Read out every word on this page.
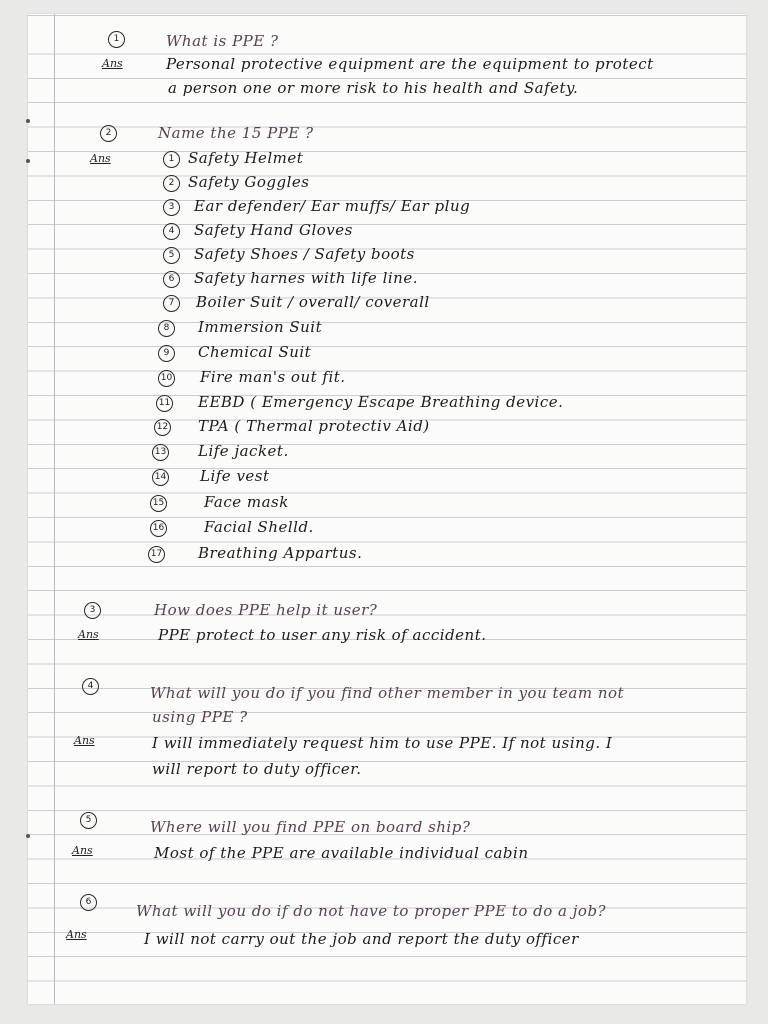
1	What is PPE ?
Ans	Personal protective equipment are the equipment to protect
a person one or more risk to his health and Safety.
2	Name the 15 PPE ?
Ans	1 Safety Helmet
2 Safety Goggles
3	Ear defender/ Ear muffs/ Ear plug
4	Safety Hand Gloves
5	Safety Shoes / Safety boots
6	Safety harnes with life line.
7	Boiler Suit / overall/ coverall
8	Immersion Suit
9	Chemical Suit
10 Fire man's out fit.
11 EEBD ( Emergency Escape Breathing device.
12 TPA ( Thermal protectiv Aid)
13 Life jacket.
14 Life vest
15	Face mask
16	Facial Shelld.
17 Breathing Appartus.
3	How does PPE help it user?
Ans	PPE protect to user any risk of accident.
4	What will you do if you find other member in you team not
using PPE ?
Ans	I will immediately request him to use PPE. If not using. I
will report to duty officer.
5	Where will you find PPE on board ship?
Ans	Most of the PPE are available individual cabin
6	What will you do if do not have to proper PPE to do a job?
Ans	I will not carry out the job and report the duty officer
